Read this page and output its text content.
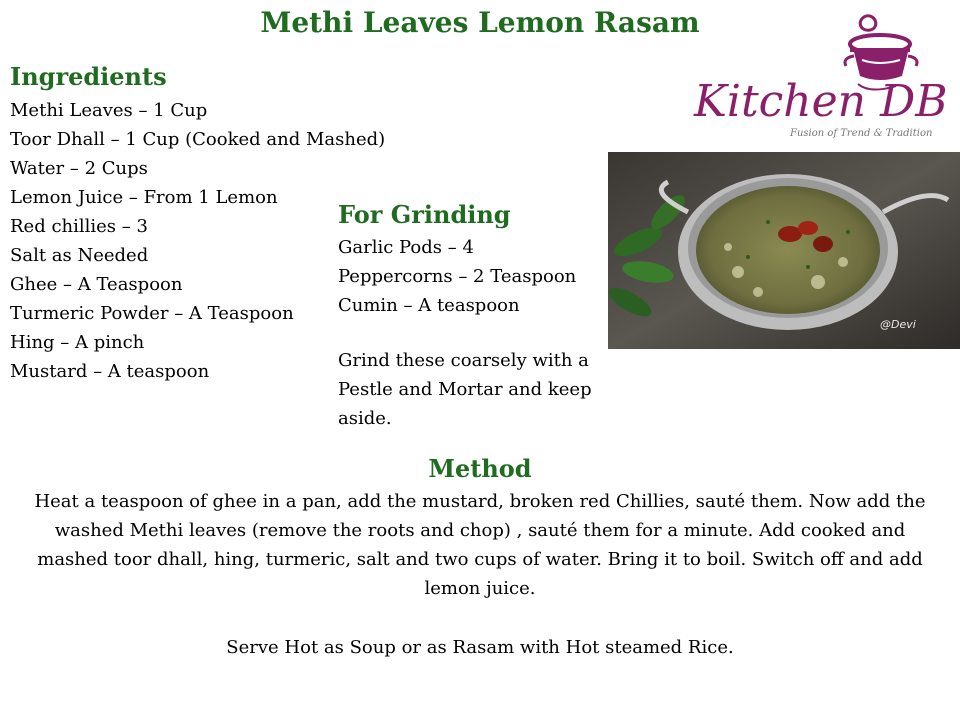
Methi Leaves Lemon Rasam
Ingredients
Methi Leaves – 1 Cup
Toor Dhall – 1 Cup (Cooked and Mashed)
Water – 2 Cups
Lemon Juice – From 1 Lemon
Red chillies – 3
Salt as Needed
Ghee – A Teaspoon
Turmeric Powder – A Teaspoon
Hing – A pinch
Mustard – A teaspoon
For Grinding
Garlic Pods – 4
Peppercorns – 2 Teaspoon
Cumin – A teaspoon
Grind these coarsely with a Pestle and Mortar and keep aside.
Kitchen DB
Fusion of Trend & Tradition
@Devi
Method
Heat a teaspoon of ghee in a pan, add the mustard, broken red Chillies, sauté them. Now add the washed Methi leaves (remove the roots and chop) , sauté them for a minute. Add cooked and mashed toor dhall, hing, turmeric, salt and two cups of water. Bring it to boil. Switch off and add lemon juice.
Serve Hot as Soup or as Rasam with Hot steamed Rice.
